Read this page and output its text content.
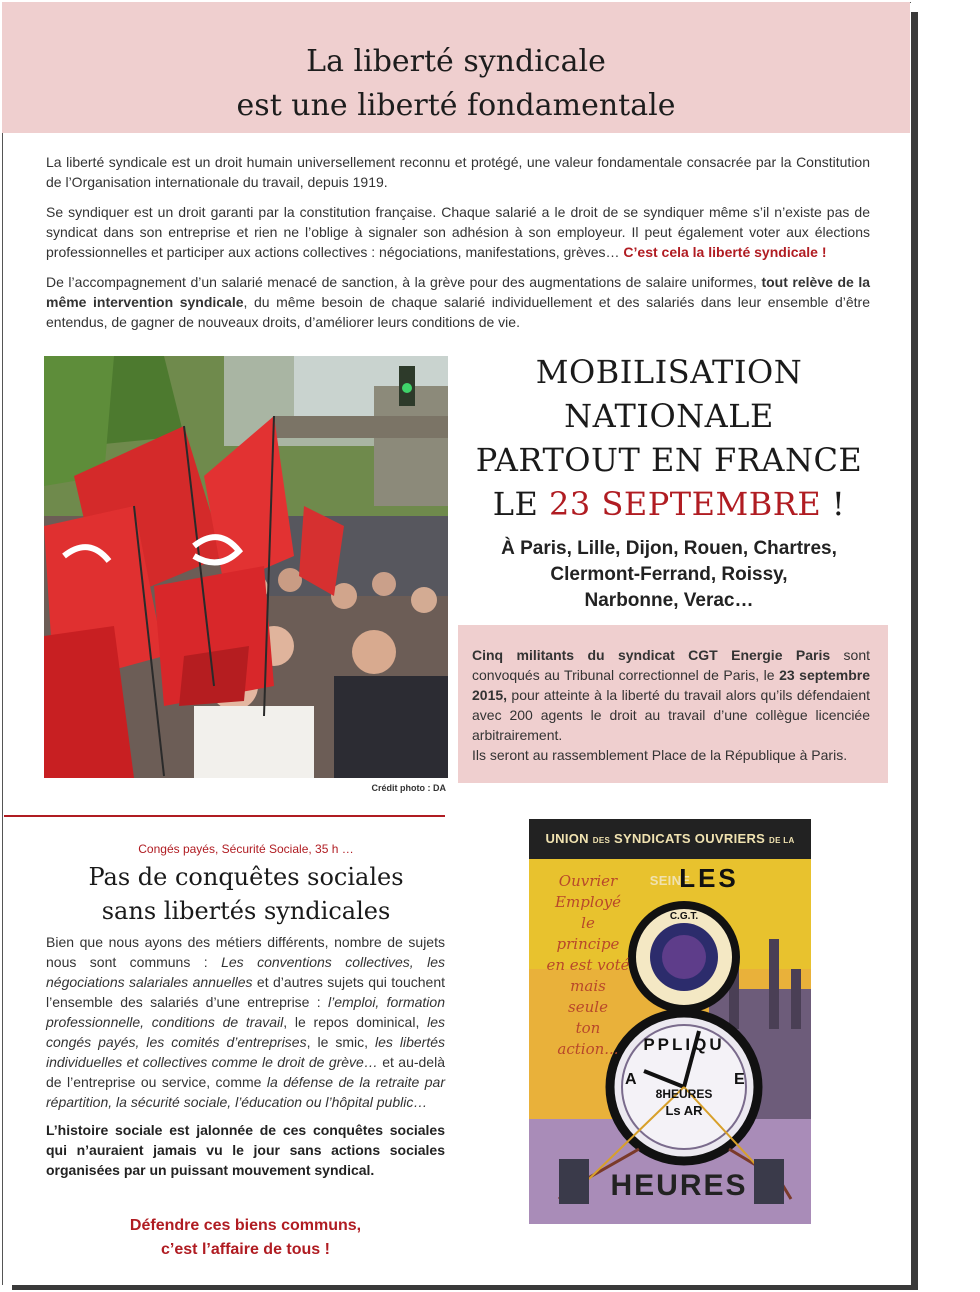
La liberté syndicale
est une liberté fondamentale

La liberté syndicale est un droit humain universellement reconnu et protégé, une valeur fondamentale consacrée par la Constitution de l’Organisation internationale du travail, depuis 1919.

Se syndiquer est un droit garanti par la constitution française. Chaque salarié a le droit de se syndiquer même s’il n’existe pas de syndicat dans son entreprise et rien ne l’oblige à signaler son adhésion à son employeur. Il peut également voter aux élections professionnelles et participer aux actions collectives : négociations, manifestations, grèves… C’est cela la liberté syndicale !

De l’accompagnement d’un salarié menacé de sanction, à la grève pour des augmentations de salaire uniformes, tout relève de la même intervention syndicale, du même besoin de chaque salarié individuellement et des salariés dans leur ensemble d’être entendus, de gagner de nouveaux droits, d’améliorer leurs conditions de vie.

Crédit photo : DA
MOBILISATION
NATIONALE
PARTOUT EN FRANCE
LE 23 SEPTEMBRE !
À Paris, Lille, Dijon, Rouen, Chartres,
Clermont-Ferrand, Roissy,
Narbonne, Verac…

Cinq militants du syndicat CGT Energie Paris sont convoqués au Tribunal correctionnel de Paris, le 23 septembre 2015, pour atteinte à la liberté du travail alors qu’ils défendaient avec 200 agents le droit au travail d’une collègue licenciée arbitrairement.
Ils seront au rassemblement Place de la République à Paris.

Congés payés, Sécurité Sociale, 35 h …
Pas de conquêtes sociales
sans libertés syndicales

Bien que nous ayons des métiers différents, nombre de sujets nous sont communs : Les conventions collectives, les négociations salariales annuelles et d’autres sujets qui touchent l’ensemble des salariés d’une entreprise : l’emploi, formation professionnelle, conditions de travail, le repos dominical, les congés payés, les comités d’entreprises, le smic, les libertés individuelles et collectives comme le droit de grève… et au-delà de l’entreprise ou service, comme la défense de la retraite par répartition, la sécurité sociale, l’éducation ou l’hôpital public…

L’histoire sociale est jalonnée de ces conquêtes sociales qui n’auraient jamais vu le jour sans actions sociales organisées par un puissant mouvement syndical.

Défendre ces biens communs,
c’est l’affaire de tous !
UNION DES SYNDICATS OUVRIERS DE LA SEINE
LES
Ouvrier
Employé
le
principe
en est voté
mais
seule
ton
action...
C.G.T.
PPLIQU
A	E
8HEURES
Ls AR
HEURES
